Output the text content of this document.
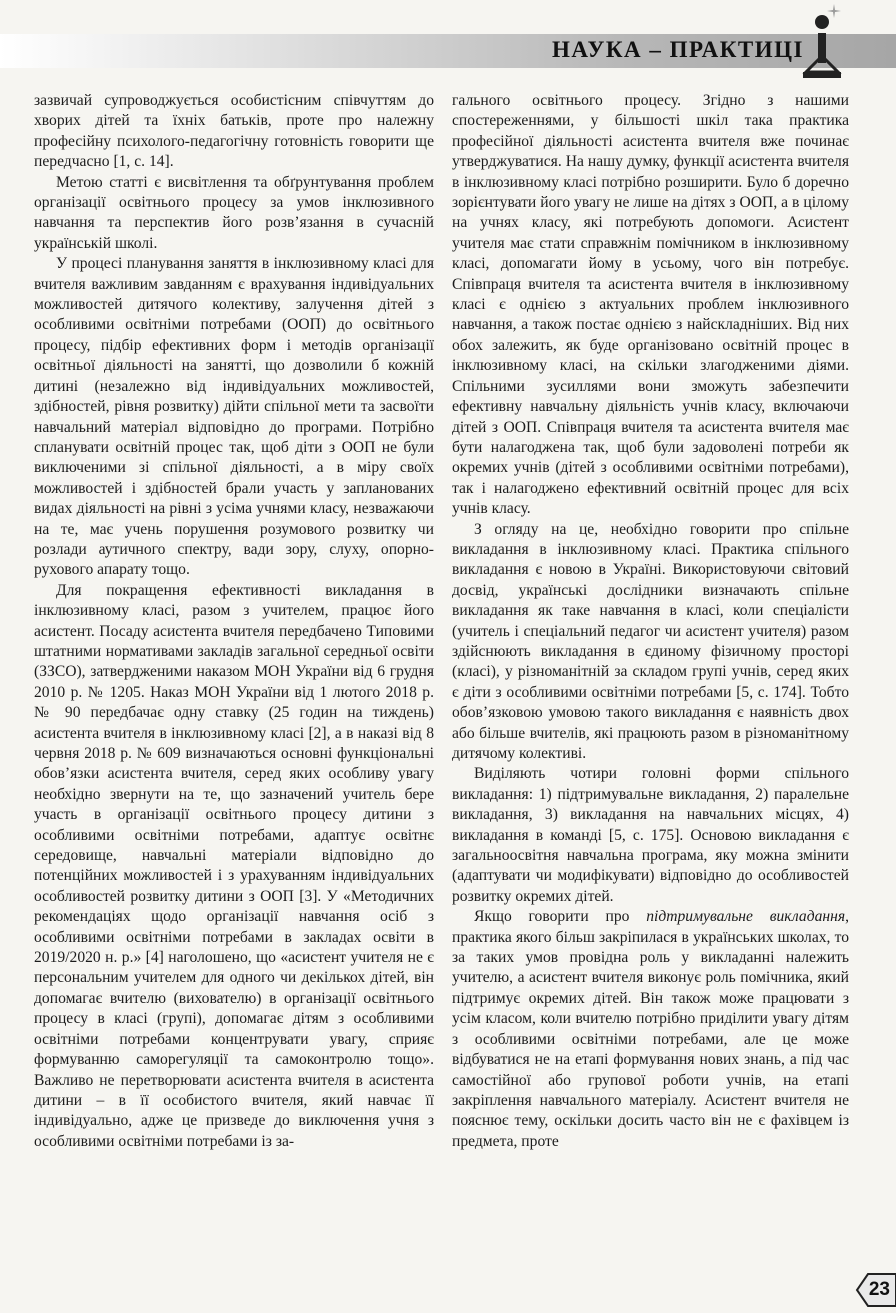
НАУКА – ПРАКТИЦІ

зазвичай супроводжується особистісним співчуттям до хворих дітей та їхніх батьків, проте про належну професійну психолого-педагогічну готовність говорити ще передчасно [1, с. 14].

Метою статті є висвітлення та обґрунтування проблем організації освітнього процесу за умов інклюзивного навчання та перспектив його розв’язання в сучасній українській школі.

У процесі планування заняття в інклюзивному класі для вчителя важливим завданням є врахування індивідуальних можливостей дитячого колективу, залучення дітей з особливими освітніми потребами (ООП) до освітнього процесу, підбір ефективних форм і методів організації освітньої діяльності на занятті, що дозволили б кожній дитині (незалежно від індивідуальних можливостей, здібностей, рівня розвитку) дійти спільної мети та засвоїти навчальний матеріал відповідно до програми. Потрібно спланувати освітній процес так, щоб діти з ООП не були виключеними зі спільної діяльності, а в міру своїх можливостей і здібностей брали участь у запланованих видах діяльності на рівні з усіма учнями класу, незважаючи на те, має учень порушення розумового розвитку чи розлади аутичного спектру, вади зору, слуху, опорно-рухового апарату тощо.

Для покращення ефективності викладання в інклюзивному класі, разом з учителем, працює його асистент. Посаду асистента вчителя передбачено Типовими штатними нормативами закладів загальної середньої освіти (ЗЗСО), затвердженими наказом МОН України від 6 грудня 2010 р. № 1205. Наказ МОН України від 1 лютого 2018 р. № 90 передбачає одну ставку (25 годин на тиждень) асистента вчителя в інклюзивному класі [2], а в наказі від 8 червня 2018 р. № 609 визначаються основні функціональні обов’язки асистента вчителя, серед яких особливу увагу необхідно звернути на те, що зазначений учитель бере участь в організації освітнього процесу дитини з особливими освітніми потребами, адаптує освітнє середовище, навчальні матеріали відповідно до потенційних можливостей і з урахуванням індивідуальних особливостей розвитку дитини з ООП [3]. У «Методичних рекомендаціях щодо організації навчання осіб з особливими освітніми потребами в закладах освіти в 2019/2020 н. р.» [4] наголошено, що «асистент учителя не є персональним учителем для одного чи декількох дітей, він допомагає вчителю (вихователю) в організації освітнього процесу в класі (групі), допомагає дітям з особливими освітніми потребами концентрувати увагу, сприяє формуванню саморегуляції та самоконтролю тощо». Важливо не перетворювати асистента вчителя в асистента дитини – в її особистого вчителя, який навчає її індивідуально, адже це призведе до виключення учня з особливими освітніми потребами із за-

гального освітнього процесу. Згідно з нашими спостереженнями, у більшості шкіл така практика професійної діяльності асистента вчителя вже починає утверджуватися. На нашу думку, функції асистента вчителя в інклюзивному класі потрібно розширити. Було б доречно зорієнтувати його увагу не лише на дітях з ООП, а в цілому на учнях класу, які потребують допомоги. Асистент учителя має стати справжнім помічником в інклюзивному класі, допомагати йому в усьому, чого він потребує. Співпраця вчителя та асистента вчителя в інклюзивному класі є однією з актуальних проблем інклюзивного навчання, а також постає однією з найскладніших. Від них обох залежить, як буде організовано освітній процес в інклюзивному класі, на скільки злагодженими діями. Спільними зусиллями вони зможуть забезпечити ефективну навчальну діяльність учнів класу, включаючи дітей з ООП. Співпраця вчителя та асистента вчителя має бути налагоджена так, щоб були задоволені потреби як окремих учнів (дітей з особливими освітніми потребами), так і налагоджено ефективний освітній процес для всіх учнів класу.

З огляду на це, необхідно говорити про спільне викладання в інклюзивному класі. Практика спільного викладання є новою в Україні. Використовуючи світовий досвід, українські дослідники визначають спільне викладання як таке навчання в класі, коли спеціалісти (учитель і спеціальний педагог чи асистент учителя) разом здійснюють викладання в єдиному фізичному просторі (класі), у різноманітній за складом групі учнів, серед яких є діти з особливими освітніми потребами [5, с. 174]. Тобто обов’язковою умовою такого викладання є наявність двох або більше вчителів, які працюють разом в різноманітному дитячому колективі.

Виділяють чотири головні форми спільного викладання: 1) підтримувальне викладання, 2) паралельне викладання, 3) викладання на навчальних місцях, 4) викладання в команді [5, с. 175]. Основою викладання є загальноосвітня навчальна програма, яку можна змінити (адаптувати чи модифікувати) відповідно до особливостей розвитку окремих дітей.

Якщо говорити про підтримувальне викладання, практика якого більш закріпилася в українських школах, то за таких умов провідна роль у викладанні належить учителю, а асистент вчителя виконує роль помічника, який підтримує окремих дітей. Він також може працювати з усім класом, коли вчителю потрібно приділити увагу дітям з особливими освітніми потребами, але це може відбуватися не на етапі формування нових знань, а під час самостійної або групової роботи учнів, на етапі закріплення навчального матеріалу. Асистент вчителя не пояснює тему, оскільки досить часто він не є фахівцем із предмета, проте

23
